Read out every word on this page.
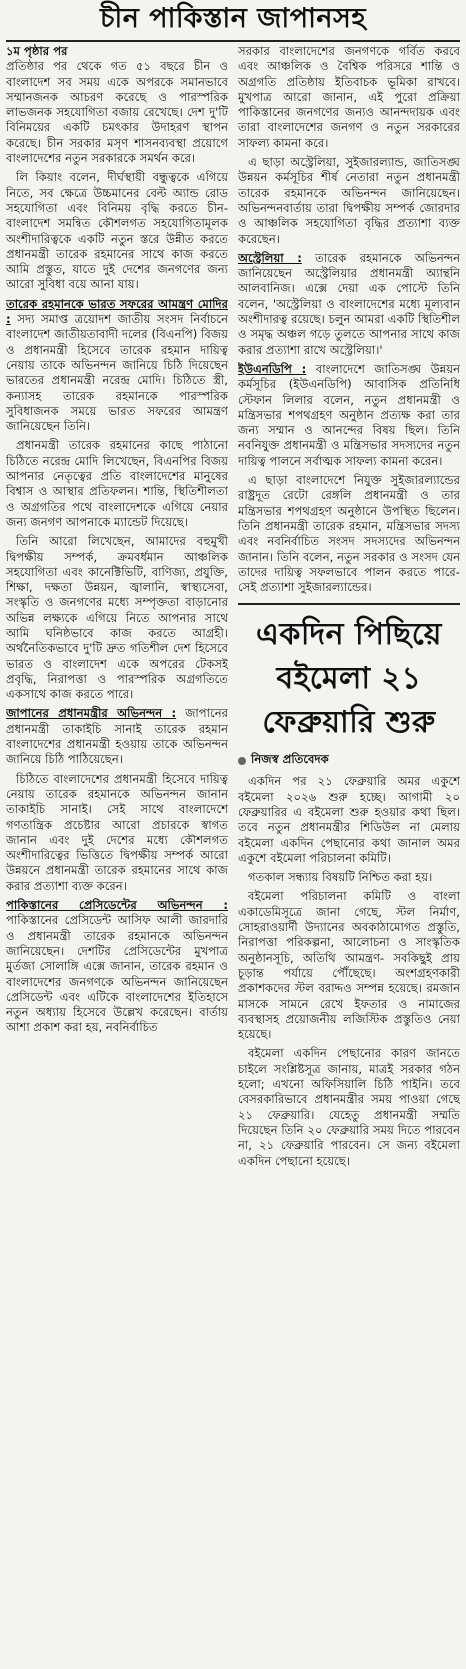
চীন পাকিস্তান জাপানসহ

১ম পৃষ্ঠার পর
প্রতিষ্ঠার পর থেকে গত ৫১ বছরে চীন ও বাংলাদেশ সব সময় একে অপরকে সমানভাবে সম্মানজনক আচরণ করেছে ও পারস্পরিক লাভজনক সহযোগিতা বজায় রেখেছে। দেশ দু'টি বিনিময়ের একটি চমৎকার উদাহরণ স্থাপন করেছে। চীন সরকার মসৃণ শাসনব্যবস্থা প্রয়োগে বাংলাদেশের নতুন সরকারকে সমর্থন করে।

লি কিয়াং বলেন, দীর্ঘস্থায়ী বন্ধুত্বকে এগিয়ে নিতে, সব ক্ষেত্রে উচ্চমানের বেল্ট অ্যান্ড রোড সহযোগিতা এবং বিনিময় বৃদ্ধি করতে চীন-বাংলাদেশ সমন্বিত কৌশলগত সহযোগিতামূলক অংশীদারিত্বকে একটি নতুন স্তরে উন্নীত করতে প্রধানমন্ত্রী তারেক রহমানের সাথে কাজ করতে আমি প্রস্তুত, যাতে দুই দেশের জনগণের জন্য আরো সুবিধা বয়ে আনা যায়।

তারেক রহমানকে ভারত সফরের আমন্ত্রণ মোদির : সদ্য সমাপ্ত ত্রয়োদশ জাতীয় সংসদ নির্বাচনে বাংলাদেশ জাতীয়তাবাদী দলের (বিএনপি) বিজয় ও প্রধানমন্ত্রী হিসেবে তারেক রহমান দায়িত্ব নেয়ায় তাকে অভিনন্দন জানিয়ে চিঠি দিয়েছেন ভারতের প্রধানমন্ত্রী নরেন্দ্র মোদি। চিঠিতে স্ত্রী, কন্যাসহ তারেক রহমানকে পারস্পরিক সুবিধাজনক সময়ে ভারত সফরের আমন্ত্রণ জানিয়েছেন তিনি।

প্রধানমন্ত্রী তারেক রহমানের কাছে পাঠানো চিঠিতে নরেন্দ্র মোদি লিখেছেন, বিএনপির বিজয় আপনার নেতৃত্বের প্রতি বাংলাদেশের মানুষের বিশ্বাস ও আস্থার প্রতিফলন। শান্তি, স্থিতিশীলতা ও অগ্রগতির পথে বাংলাদেশকে এগিয়ে নেয়ার জন্য জনগণ আপনাকে ম্যান্ডেট দিয়েছে।

তিনি আরো লিখেছেন, আমাদের বহুমুখী দ্বিপক্ষীয় সম্পর্ক, ক্রমবর্ধমান আঞ্চলিক সহযোগিতা এবং কানেক্টিভিটি, বাণিজ্য, প্রযুক্তি, শিক্ষা, দক্ষতা উন্নয়ন, জ্বালানি, স্বাস্থ্যসেবা, সংস্কৃতি ও জনগণের মধ্যে সম্পৃক্ততা বাড়ানোর অভিন্ন লক্ষ্যকে এগিয়ে নিতে আপনার সাথে আমি ঘনিষ্ঠভাবে কাজ করতে আগ্রহী। অর্থনৈতিকভাবে দু'টি দ্রুত গতিশীল দেশ হিসেবে ভারত ও বাংলাদেশ একে অপরের টেকসই প্রবৃদ্ধি, নিরাপত্তা ও পারস্পরিক অগ্রগতিতে একসাথে কাজ করতে পারে।

জাপানের প্রধানমন্ত্রীর অভিনন্দন : জাপানের প্রধানমন্ত্রী তাকাইচি সানাই তারেক রহমান বাংলাদেশের প্রধানমন্ত্রী হওয়ায় তাকে অভিনন্দন জানিয়ে চিঠি পাঠিয়েছেন।

চিঠিতে বাংলাদেশের প্রধানমন্ত্রী হিসেবে দায়িত্ব নেয়ায় তারেক রহমানকে অভিনন্দন জানান তাকাইচি সানাই। সেই সাথে বাংলাদেশে গণতান্ত্রিক প্রচেষ্টার আরো প্রচারকে স্বাগত জানান এবং দুই দেশের মধ্যে কৌশলগত অংশীদারিত্বের ভিত্তিতে দ্বিপক্ষীয় সম্পর্ক আরো উন্নয়নে প্রধানমন্ত্রী তারেক রহমানের সাথে কাজ করার প্রত্যাশা ব্যক্ত করেন।

পাকিস্তানের প্রেসিডেন্টের অভিনন্দন : পাকিস্তানের প্রেসিডেন্ট আসিফ আলী জারদারি ও প্রধানমন্ত্রী তারেক রহমানকে অভিনন্দন জানিয়েছেন। দেশটির প্রেসিডেন্টের মুখপাত্র মুর্তজা সোলাঙ্গি এক্সে জানান, তারেক রহমান ও বাংলাদেশের জনগণকে অভিনন্দন জানিয়েছেন প্রেসিডেন্ট এবং এটিকে বাংলাদেশের ইতিহাসে নতুন অধ্যায় হিসেবে উল্লেখ করেছেন। বার্তায় আশা প্রকাশ করা হয়, নবনির্বাচিত

সরকার বাংলাদেশের জনগণকে গর্বিত করবে এবং আঞ্চলিক ও বৈশ্বিক পরিসরে শান্তি ও অগ্রগতি প্রতিষ্ঠায় ইতিবাচক ভূমিকা রাখবে। মুখপাত্র আরো জানান, এই পুরো প্রক্রিয়া পাকিস্তানের জনগণের জন্যও আনন্দদায়ক এবং তারা বাংলাদেশের জনগণ ও নতুন সরকারের সাফল্য কামনা করে।

এ ছাড়া অস্ট্রেলিয়া, সুইজারল্যান্ড, জাতিসঙ্ঘ উন্নয়ন কর্মসূচির শীর্ষ নেতারা নতুন প্রধানমন্ত্রী তারেক রহমানকে অভিনন্দন জানিয়েছেন। অভিনন্দনবার্তায় তারা দ্বিপক্ষীয় সম্পর্ক জোরদার ও আঞ্চলিক সহযোগিতা বৃদ্ধির প্রত্যাশা ব্যক্ত করেছেন।

অস্ট্রেলিয়া : তারেক রহমানকে অভিনন্দন জানিয়েছেন অস্ট্রেলিয়ার প্রধানমন্ত্রী অ্যান্থনি আলবানিজ। এক্সে দেয়া এক পোস্টে তিনি বলেন, 'অস্ট্রেলিয়া ও বাংলাদেশের মধ্যে মূল্যবান অংশীদারত্ব রয়েছে। চলুন আমরা একটি স্থিতিশীল ও সমৃদ্ধ অঞ্চল গড়ে তুলতে আপনার সাথে কাজ করার প্রত্যাশা রাখে অস্ট্রেলিয়া।'

ইউএনডিপি : বাংলাদেশে জাতিসঙ্ঘ উন্নয়ন কর্মসূচির (ইউএনডিপি) আবাসিক প্রতিনিধি স্টেফান লিলার বলেন, নতুন প্রধানমন্ত্রী ও মন্ত্রিসভার শপথগ্রহণ অনুষ্ঠান প্রত্যক্ষ করা তার জন্য সম্মান ও আনন্দের বিষয় ছিল। তিনি নবনিযুক্ত প্রধানমন্ত্রী ও মন্ত্রিসভার সদস্যদের নতুন দায়িত্ব পালনে সর্বাত্মক সাফল্য কামনা করেন।

এ ছাড়া বাংলাদেশে নিযুক্ত সুইজারল্যান্ডের রাষ্ট্রদূত রেটো রেঙ্গলি প্রধানমন্ত্রী ও তার মন্ত্রিসভার শপথগ্রহণ অনুষ্ঠানে উপস্থিত ছিলেন। তিনি প্রধানমন্ত্রী তারেক রহমান, মন্ত্রিসভার সদস্য এবং নবনির্বাচিত সংসদ সদস্যদের অভিনন্দন জানান। তিনি বলেন, নতুন সরকার ও সংসদ যেন তাদের দায়িত্ব সফলভাবে পালন করতে পারে- সেই প্রত্যাশা সুইজারল্যান্ডের।

একদিন পিছিয়ে
বইমেলা ২১
ফেব্রুয়ারি শুরু
নিজস্ব প্রতিবেদক

একদিন পর ২১ ফেব্রুয়ারি অমর একুশে বইমেলা ২০২৬ শুরু হচ্ছে। আগামী ২০ ফেব্রুয়ারির এ বইমেলা শুরু হওয়ার কথা ছিল। তবে নতুন প্রধানমন্ত্রীর শিডিউল না মেলায় বইমেলা একদিন পেছানোর কথা জানাল অমর একুশে বইমেলা পরিচালনা কমিটি।

গতকাল সন্ধ্যায় বিষয়টি নিশ্চিত করা হয়।

বইমেলা পরিচালনা কমিটি ও বাংলা একাডেমিসূত্রে জানা গেছে, স্টল নির্মাণ, সোহরাওয়ার্দী উদ্যানের অবকাঠামোগত প্রস্তুতি, নিরাপত্তা পরিকল্পনা, আলোচনা ও সাংস্কৃতিক অনুষ্ঠানসূচি, অতিথি আমন্ত্রণ- সবকিছুই প্রায় চূড়ান্ত পর্যায়ে পৌঁছেছে। অংশগ্রহণকারী প্রকাশকদের স্টল বরাদ্দও সম্পন্ন হয়েছে। রমজান মাসকে সামনে রেখে ইফতার ও নামাজের ব্যবস্থাসহ প্রয়োজনীয় লজিস্টিক প্রস্তুতিও নেয়া হয়েছে।

বইমেলা একদিন পেছানোর কারণ জানতে চাইলে সংশ্লিষ্টসূত্র জানায়, মাত্রই সরকার গঠন হলো; এখনো অফিসিয়ালি চিঠি পাইনি। তবে বেসরকারিভাবে প্রধানমন্ত্রীর সময় পাওয়া গেছে ২১ ফেব্রুয়ারি। যেহেতু প্রধানমন্ত্রী সম্মতি দিয়েছেন তিনি ২০ ফেব্রুয়ারি সময় দিতে পারবেন না, ২১ ফেব্রুয়ারি পারবেন। সে জন্য বইমেলা একদিন পেছানো হয়েছে।
